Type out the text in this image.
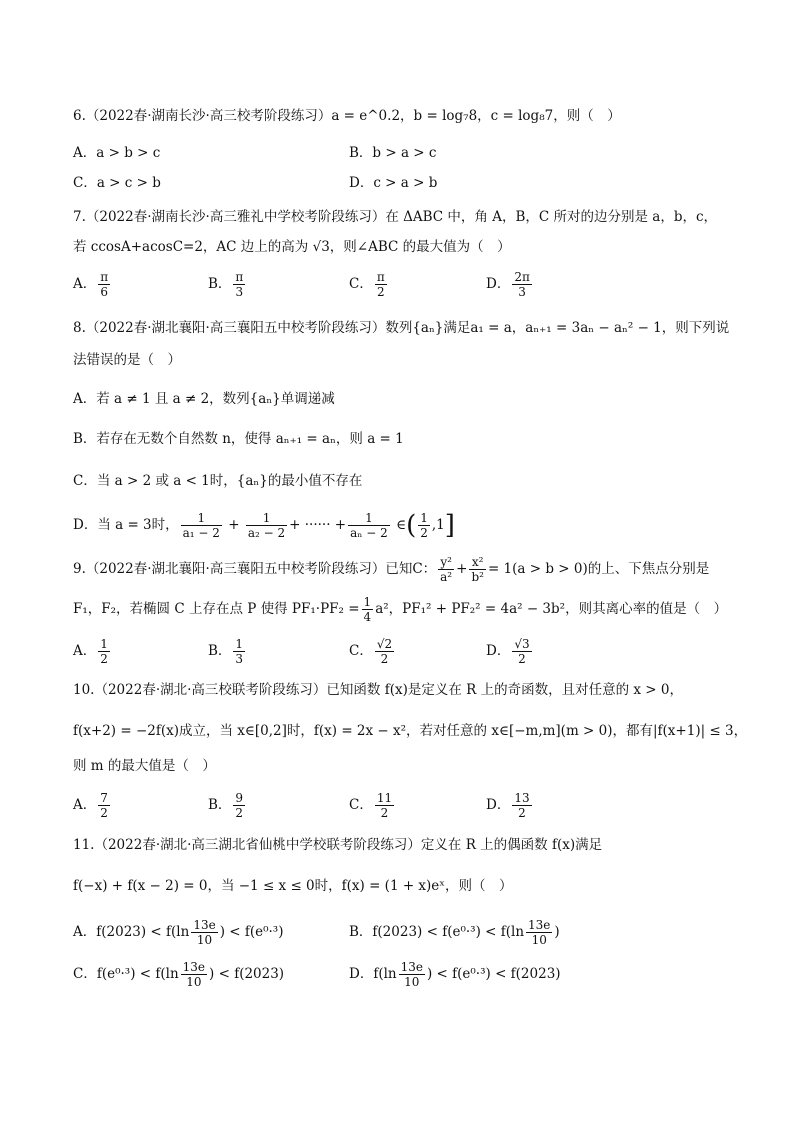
6.（2022春·湖南长沙·高三校考阶段练习）a = e^0.2，b = log₇8，c = log₈7，则（　）
A．a > b > c	B．b > a > c
C．a > c > b	D．c > a > b
7.（2022春·湖南长沙·高三雅礼中学校考阶段练习）在 ΔABC 中，角 A，B，C 所对的边分别是 a，b，c，
若 ccosA+acosC=2，AC 边上的高为 √3，则∠ABC 的最大值为（　）
A． $\frac{\pi}{6}$	B． $\frac{\pi}{3}$	C． $\frac{\pi}{2}$	D． $\frac{2\pi}{3}$
8.（2022春·湖北襄阳·高三襄阳五中校考阶段练习）数列{aₙ}满足a₁ = a，aₙ₊₁ = 3aₙ − aₙ² − 1，则下列说
法错误的是（　）
A．若 a ≠ 1 且 a ≠ 2，数列{aₙ}单调递减
B．若存在无数个自然数 n，使得 aₙ₊₁ = aₙ，则 a = 1
C．当 a > 2 或 a < 1时，{aₙ}的最小值不存在
D．当 a = 3时， $\frac{1}{\text{a₁ − 2}} + \frac{1}{\text{a₂ − 2}}$ + ······ + $\frac{1}{\text{aₙ − 2}}$ ∈( $\frac{1}{2} ,1$]
9.（2022春·湖北襄阳·高三襄阳五中校考阶段练习）已知C： $\frac{\text{y²}}{\text{a²}} + \frac{\text{x²}}{\text{b²}} = 1(a > b > 0)$的上、下焦点分别是
F₁，F₂，若椭圆 C 上存在点 P 使得 $PF_1\cdot PF_2 = \frac{1}{4} a^2$，PF₁² + PF₂² = 4a² − 3b²，则其离心率的值是（　）
A． $\frac{1}{2}$	B． $\frac{1}{3}$	C． $\frac{√2}{2}$	D． $\frac{√3}{2}$
10.（2022春·湖北·高三校联考阶段练习）已知函数 f(x)是定义在 R 上的奇函数，且对任意的 x > 0，
f(x+2) = −2f(x)成立，当 x∈[0,2]时，f(x) = 2x − x²，若对任意的 x∈[−m,m](m > 0)，都有|f(x+1)| ≤ 3，
则 m 的最大值是（　）
A． $\frac{7}{2}$	B． $\frac{9}{2}$	C． $\frac{11}{2}$	D． $\frac{13}{2}$
11.（2022春·湖北·高三湖北省仙桃中学校联考阶段练习）定义在 R 上的偶函数 f(x)满足
f(−x) + f(x − 2) = 0，当 −1 ≤ x ≤ 0时，f(x) = (1 + x)eˣ，则（　）
A．$f(2023) < f(\ln \frac{13e}{10}$ ) < f(e⁰·³)	B．$f(2023) < f(e^0\cdot^3) < f(\ln \frac{13e}{10}$ )
C．$f(e^0\cdot^3) < f(\ln \frac{13e}{10}$ ) < f(2023)	D．$f(\ln \frac{13e}{10}$ ) < f(e⁰·³) < f(2023)
